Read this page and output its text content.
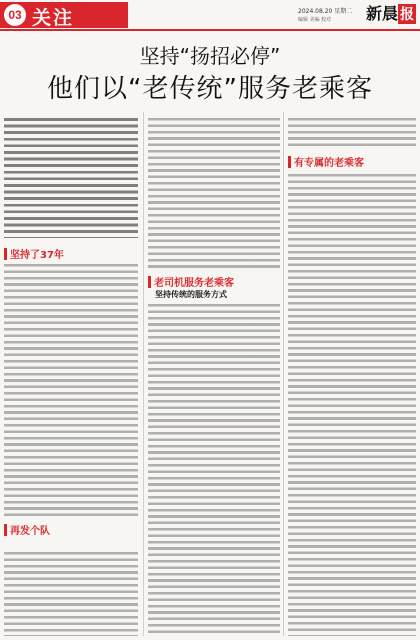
03 关注	2024.08.20 星期二
编辑 美编 校对 新晨 报
坚持“扬招必停”
他们以“老传统”服务老乘客
坚持了37年
再发个队
老司机服务老乘客
坚持传统的服务方式
有专属的老乘客
